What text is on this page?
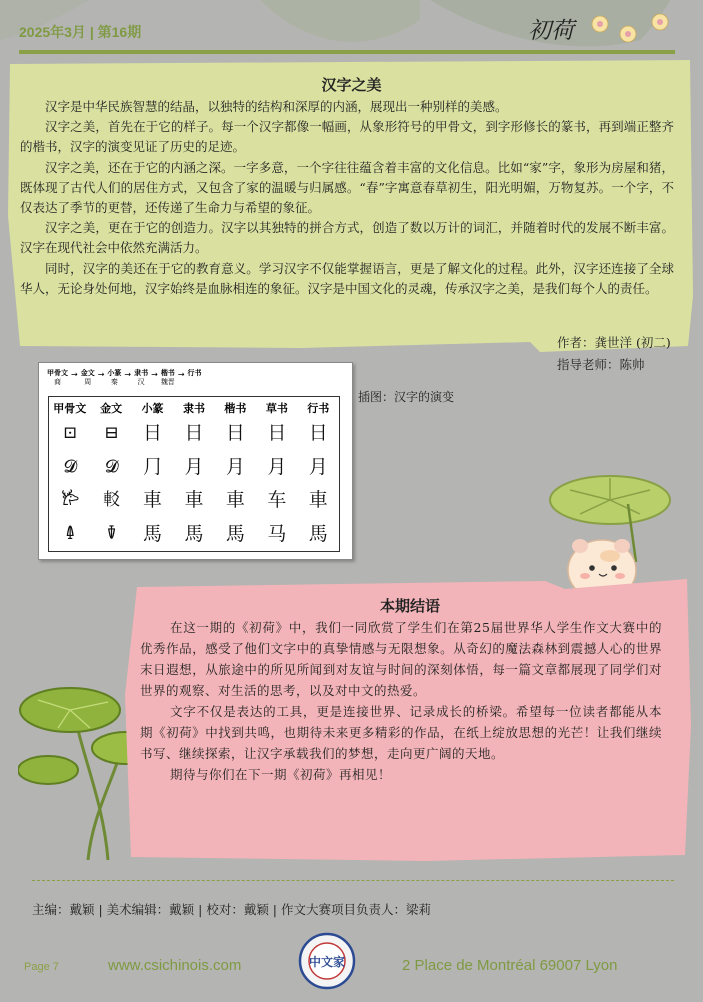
2025年3月 | 第16期	初荷
汉字之美

汉字是中华民族智慧的结晶，以独特的结构和深厚的内涵，展现出一种别样的美感。

汉字之美，首先在于它的样子。每一个汉字都像一幅画，从象形符号的甲骨文，到字形修长的篆书，再到端正整齐的楷书，汉字的演变见证了历史的足迹。

汉字之美，还在于它的内涵之深。一字多意，一个字往往蕴含着丰富的文化信息。比如“家”字，象形为房屋和猪，既体现了古代人们的居住方式，又包含了家的温暖与归属感。“春”字寓意春草初生，阳光明媚，万物复苏。一个字，不仅表达了季节的更替，还传递了生命力与希望的象征。

汉字之美，更在于它的创造力。汉字以其独特的拼合方式，创造了数以万计的词汇，并随着时代的发展不断丰富。汉字在现代社会中依然充满活力。

同时，汉字的美还在于它的教育意义。学习汉字不仅能掌握语言，更是了解文化的过程。此外，汉字还连接了全球华人，无论身处何地，汉字始终是血脉相连的象征。汉字是中国文化的灵魂，传承汉字之美，是我们每个人的责任。

作者：龚世洋 (初二)
指导老师：陈帅
甲骨文
商
→ 金文
周
→ 小篆
秦
→ 隶书
汉
→ 楷书
魏晋
→ 行书
甲骨文	金文	小篆	隶书	楷书	草书	行书
⊡	⊟	日	日	日	日	日
𝓓	𝓓	⺆	月	月	月	月
𐂂	䡈	車	車	車	车	車
𐃉	𐃋	馬	馬	馬	马	馬
插图：汉字的演变
本期结语

在这一期的《初荷》中，我们一同欣赏了学生们在第25届世界华人学生作文大赛中的优秀作品，感受了他们文字中的真挚情感与无限想象。从奇幻的魔法森林到震撼人心的世界末日遐想，从旅途中的所见所闻到对友谊与时间的深刻体悟，每一篇文章都展现了同学们对世界的观察、对生活的思考，以及对中文的热爱。

文字不仅是表达的工具，更是连接世界、记录成长的桥梁。希望每一位读者都能从本期《初荷》中找到共鸣，也期待未来更多精彩的作品，在纸上绽放思想的光芒！让我们继续书写、继续探索，让汉字承载我们的梦想，走向更广阔的天地。

期待与你们在下一期《初荷》再相见！

主编：戴颖 | 美术编辑：戴颖 | 校对：戴颖 | 作文大赛项目负责人：梁莉
Page 7	www.csichinois.com	中文家	2 Place de Montréal 69007 Lyon
